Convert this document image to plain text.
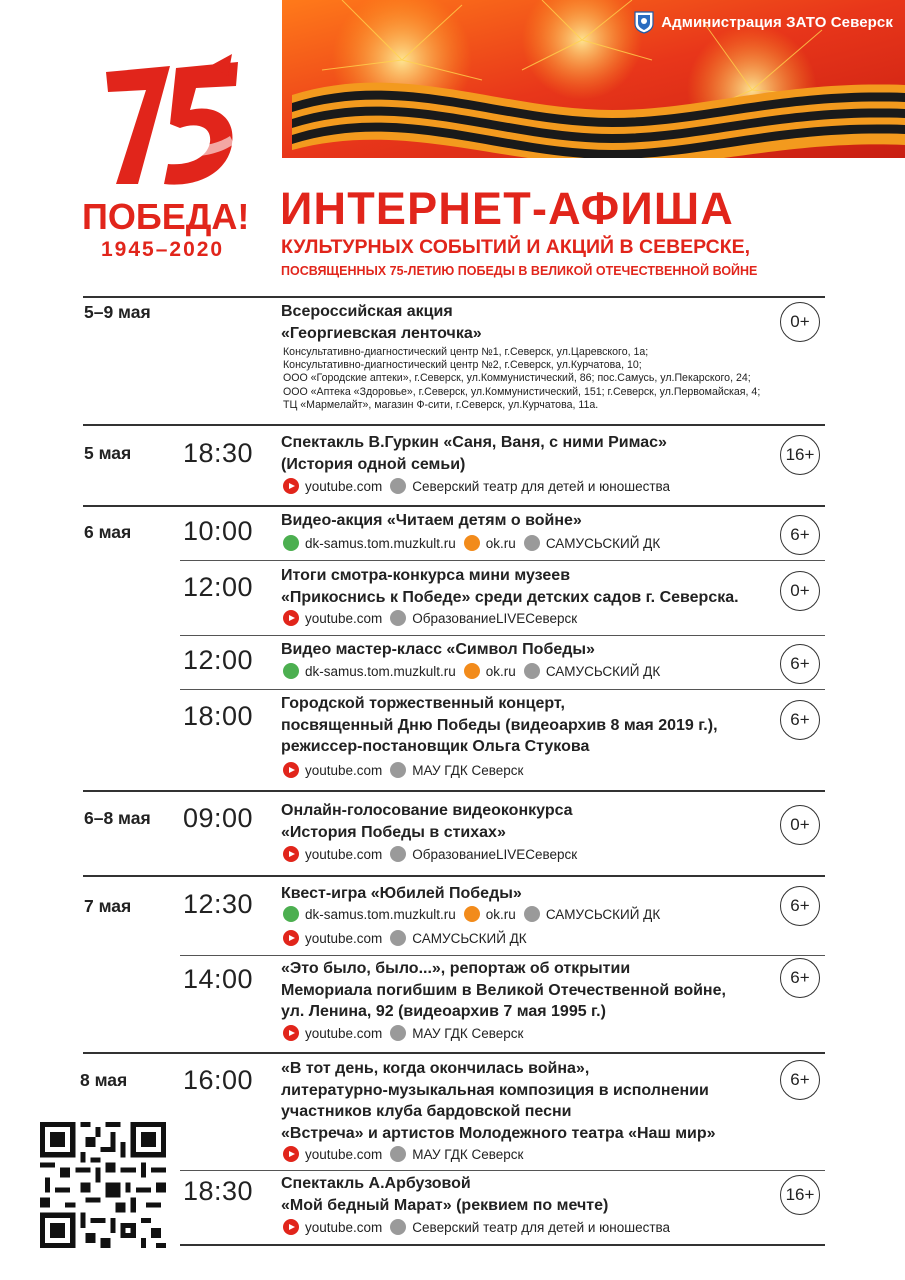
Администрация ЗАТО Северск
75
ПОБЕДА!
1945–2020
ИНТЕРНЕТ-АФИША
КУЛЬТУРНЫХ СОБЫТИЙ И АКЦИЙ В СЕВЕРСКЕ,
ПОСВЯЩЕННЫХ 75-ЛЕТИЮ ПОБЕДЫ В ВЕЛИКОЙ ОТЕЧЕСТВЕННОЙ ВОЙНЕ
5–9 мая	Всероссийская акция
«Георгиевская ленточка»
Консультативно-диагностический центр №1, г.Северск, ул.Царевского, 1а;
Консультативно-диагностический центр №2, г.Северск, ул.Курчатова, 10;
ООО «Городские аптеки», г.Северск, ул.Коммунистический, 86; пос.Самусь, ул.Пекарского, 24;
ООО «Аптека «Здоровье», г.Северск, ул.Коммунистический, 151; г.Северск, ул.Первомайская, 4;
ТЦ «Мармелайт», магазин Ф-сити, г.Северск, ул.Курчатова, 11а.
0+
5 мая 18:30 Спектакль В.Гуркин «Саня, Ваня, с ними Римас»
(История одной семьи)
youtube.com Северский театр для детей и юношества
16+
6 мая 10:00 Видео-акция «Читаем детям о войне»
dk-samus.tom.muzkult.ru ok.ru САМУСЬСКИЙ ДК	6+
12:00 Итоги смотра-конкурса мини музеев
«Прикоснись к Победе» среди детских садов г. Северска.
youtube.com ОбразованиеLIVEСеверск
0+
12:00 Видео мастер-класс «Символ Победы»
dk-samus.tom.muzkult.ru ok.ru САМУСЬСКИЙ ДК	6+
18:00 Городской торжественный концерт,
посвященный Дню Победы (видеоархив 8 мая 2019 г.),
режиссер-постановщик Ольга Стукова
youtube.com МАУ ГДК Северск
6+
6–8 мая 09:00 Онлайн-голосование видеоконкурса
«История Победы в стихах»
youtube.com ОбразованиеLIVEСеверск
0+
7 мая 12:30 Квест-игра «Юбилей Победы»
dk-samus.tom.muzkult.ru ok.ru САМУСЬСКИЙ ДК
youtube.com САМУСЬСКИЙ ДК
6+
14:00 «Это было, было...», репортаж об открытии
Мемориала погибшим в Великой Отечественной войне,
ул. Ленина, 92 (видеоархив 7 мая 1995 г.)
youtube.com МАУ ГДК Северск
6+
8 мая 16:00 «В тот день, когда окончилась война»,
литературно-музыкальная композиция в исполнении
участников клуба бардовской песни
«Встреча» и артистов Молодежного театра «Наш мир»
youtube.com МАУ ГДК Северск
6+
18:30 Спектакль А.Арбузовой
«Мой бедный Марат» (реквием по мечте)
youtube.com Северский театр для детей и юношества
16+
